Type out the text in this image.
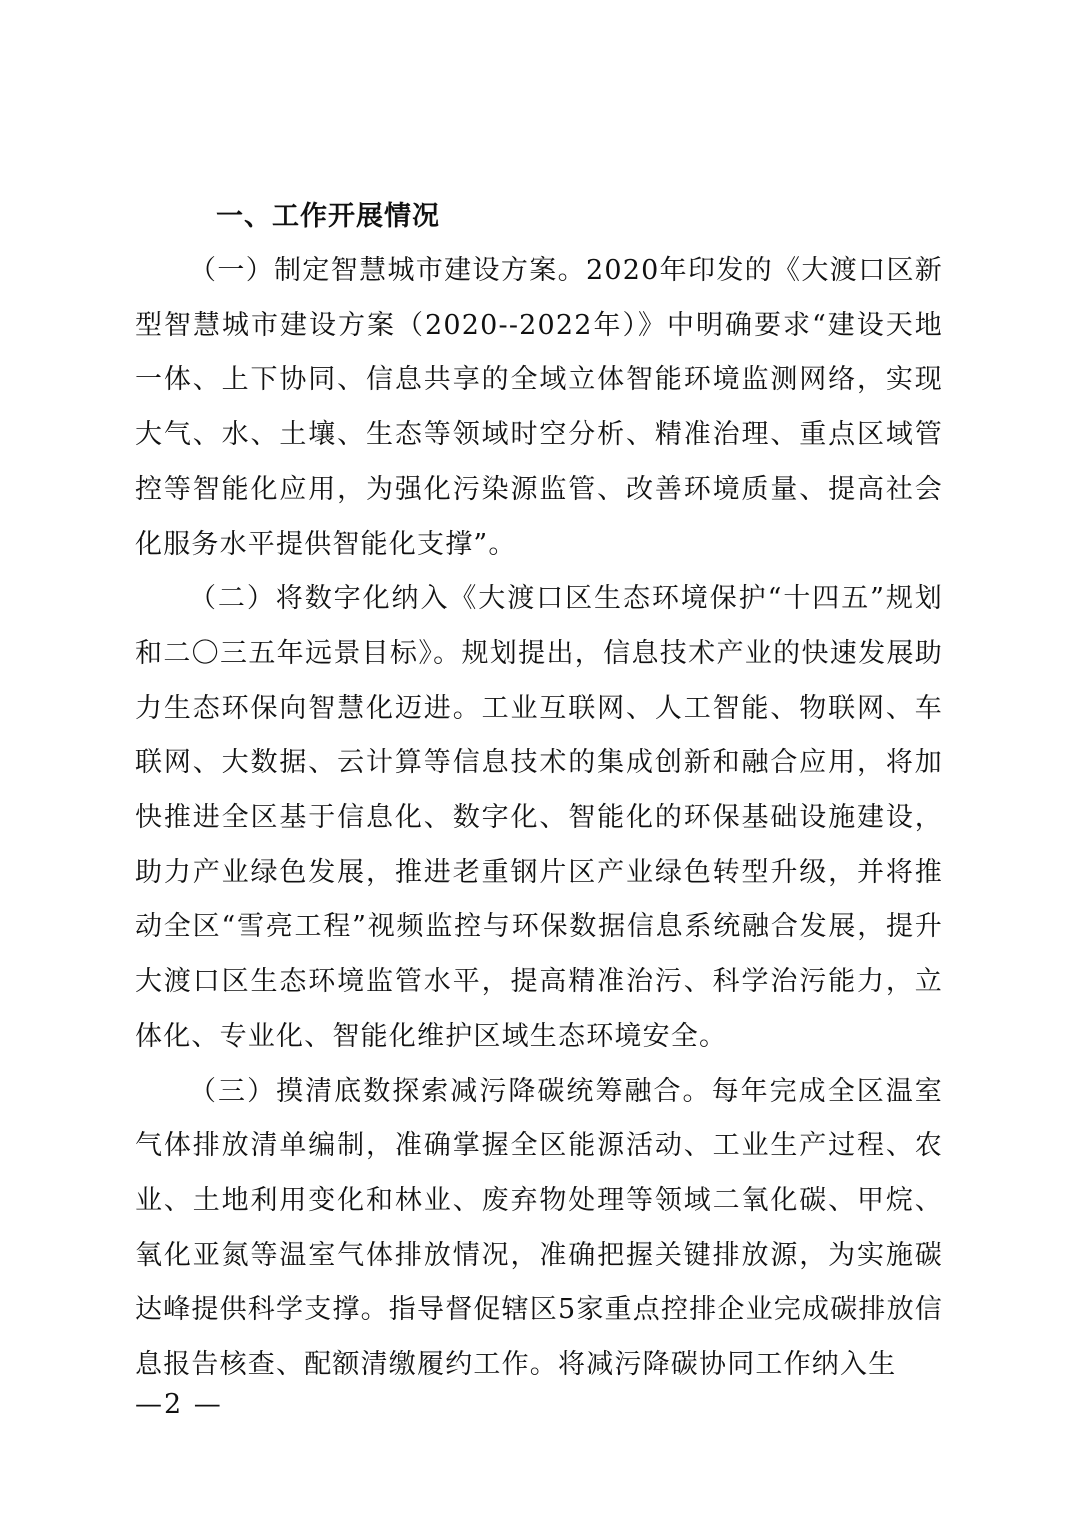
一、工作开展情况

（一）制定智慧城市建设方案。2020年印发的《大渡口区新型智慧城市建设方案（2020--2022年）》中明确要求“建设天地一体、上下协同、信息共享的全域立体智能环境监测网络，实现大气、水、土壤、生态等领域时空分析、精准治理、重点区域管控等智能化应用，为强化污染源监管、改善环境质量、提高社会化服务水平提供智能化支撑”。

（二）将数字化纳入《大渡口区生态环境保护“十四五”规划和二〇三五年远景目标》。规划提出，信息技术产业的快速发展助力生态环保向智慧化迈进。工业互联网、人工智能、物联网、车联网、大数据、云计算等信息技术的集成创新和融合应用，将加快推进全区基于信息化、数字化、智能化的环保基础设施建设，助力产业绿色发展，推进老重钢片区产业绿色转型升级，并将推动全区“雪亮工程”视频监控与环保数据信息系统融合发展，提升大渡口区生态环境监管水平，提高精准治污、科学治污能力，立体化、专业化、智能化维护区域生态环境安全。

（三）摸清底数探索减污降碳统筹融合。每年完成全区温室气体排放清单编制，准确掌握全区能源活动、工业生产过程、农业、土地利用变化和林业、废弃物处理等领域二氧化碳、甲烷、氧化亚氮等温室气体排放情况，准确把握关键排放源，为实施碳达峰提供科学支撑。指导督促辖区5家重点控排企业完成碳排放信息报告核查、配额清缴履约工作。将减污降碳协同工作纳入生

—2 —
